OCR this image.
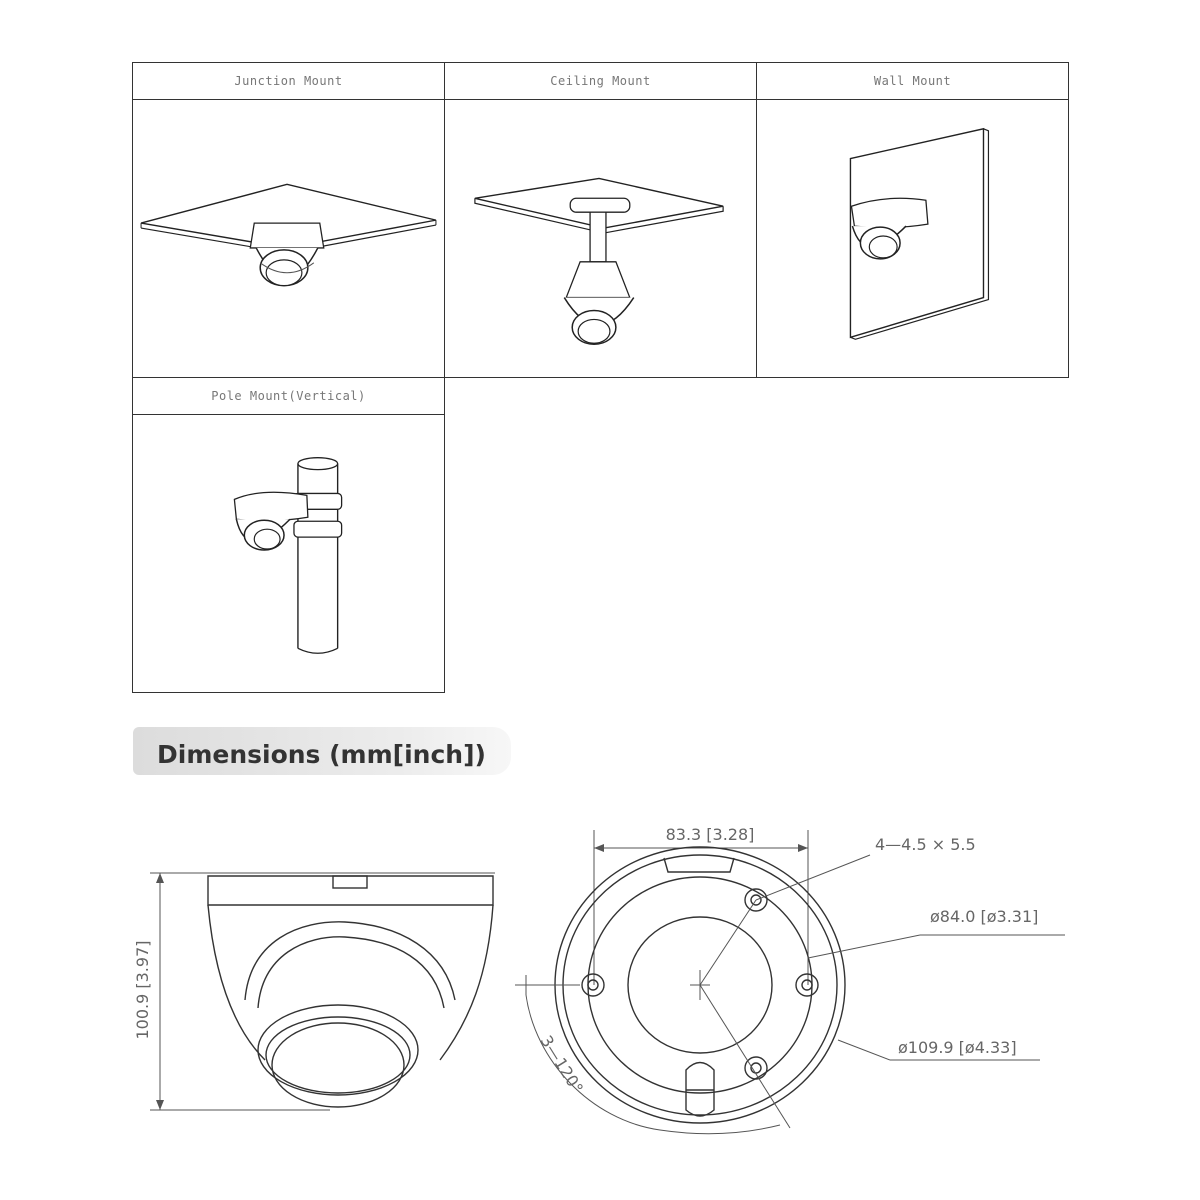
Junction Mount	Ceiling Mount	Wall Mount
Pole Mount(Vertical)
Dimensions (mm[inch])
100.9 [3.97]
83.3 [3.28]
4—4.5 × 5.5
ø84.0 [ø3.31]
ø109.9 [ø4.33]
3—120°
